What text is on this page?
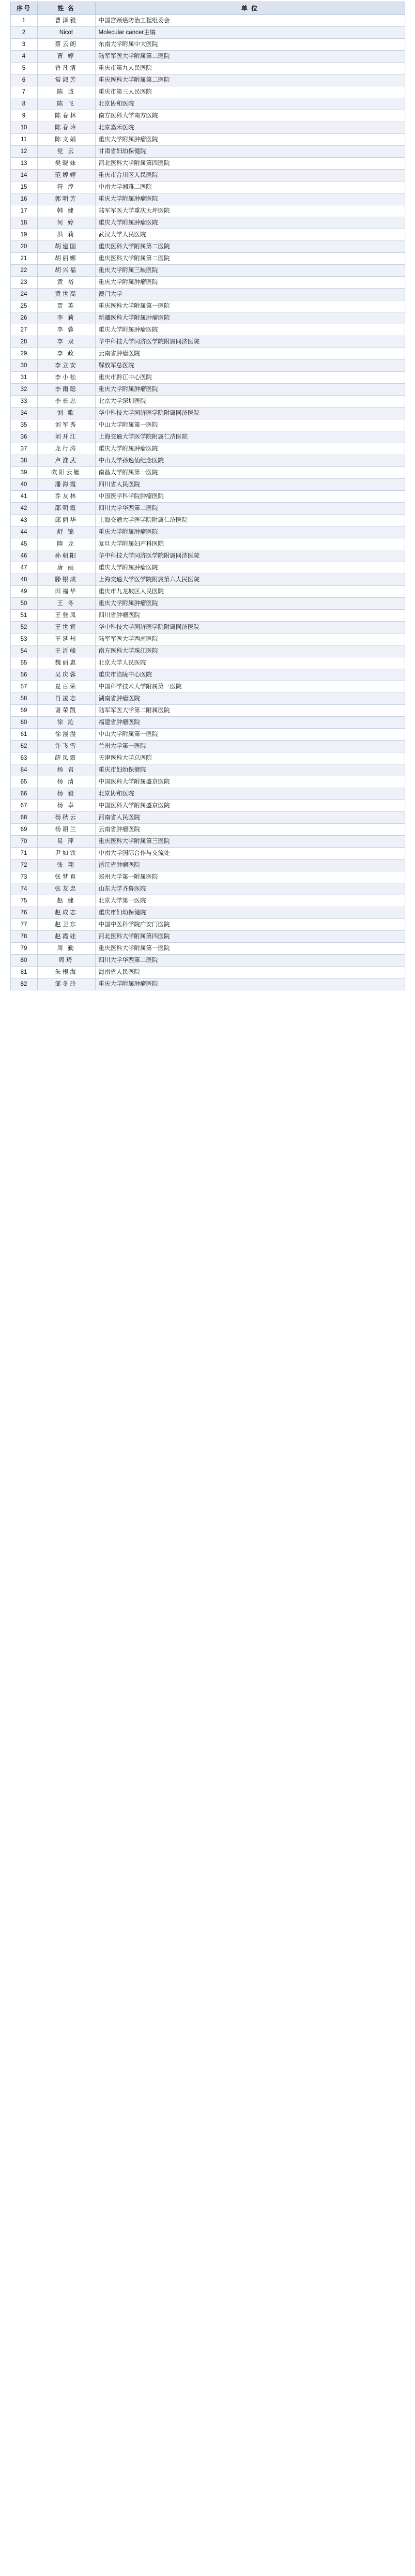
序号	姓 名	单 位
1	曹泽毅	中国宫颈癌防治工程组委会
2	Nicot	Molecular cancer主编
3	蔡云朗	东南大学附属中大医院
4	曹 婷	陆军军医大学附属第二医院
5	曾凡清	重庆市第九人民医院
6	常淑芳	重庆医科大学附属第二医院
7	陈 诚	重庆市第三人民医院
8	陈 飞	北京协和医院
9	陈春林	南方医科大学南方医院
10	陈春玲	北京嘉禾医院
11	陈文娟	重庆大学附属肿瘤医院
12	党 云	甘肃省妇幼保健院
13	樊晓妹	河北医科大学附属第四医院
14	范婷婷	重庆市合川区人民医院
15	符 淳	中南大学湘雅二医院
16	郭明芳	重庆大学附属肿瘤医院
17	韩 健	陆军军医大学重庆大坪医院
18	何 婷	重庆大学附属肿瘤医院
19	洪 莉	武汉大学人民医院
20	胡建国	重庆医科大学附属第二医院
21	胡丽娜	重庆医科大学附属第二医院
22	胡兴福	重庆大学附属三峡医院
23	黄 裕	重庆大学附属肿瘤医院
24	黄世高	澳门大学
25	贾 英	重庆医科大学附属第一医院
26	李 莉	新疆医科大学附属肿瘤医院
27	李 蓉	重庆大学附属肿瘤医院
28	李 双	华中科技大学同济医学院附属同济医院
29	李 政	云南省肿瘤医院
30	李立安	解放军总医院
31	李小松	重庆市黔江中心医院
32	李雨聪	重庆大学附属肿瘤医院
33	李长忠	北京大学深圳医院
34	刘 歌	华中科技大学同济医学院附属同济医院
35	刘军秀	中山大学附属第一医院
36	刘开江	上海交通大学医学院附属仁济医院
37	龙行涛	重庆大学附属肿瘤医院
38	卢淮武	中山大学孙逸仙纪念医院
39	欧阳云雁	南昌大学附属第一医院
40	潘海霞	四川省人民医院
41	乔友林	中国医学科学院肿瘤医院
42	邵明霞	四川大学华西第二医院
43	邱丽华	上海交通大学医学院附属仁济医院
44	舒 锦	重庆大学附属肿瘤医院
45	隋 龙	复旦大学附属妇产科医院
46	孙朝阳	华中科技大学同济医学院附属同济医院
47	唐 丽	重庆大学附属肿瘤医院
48	滕银成	上海交通大学医学院附属第六人民医院
49	田福华	重庆市九龙坡区人民医院
50	王 冬	重庆大学附属肿瘤医院
51	王登凤	四川省肿瘤医院
52	王世宣	华中科技大学同济医学院附属同济医院
53	王延州	陆军军医大学西南医院
54	王沂峰	南方医科大学珠江医院
55	魏丽惠	北京大学人民医院
56	吴庆蓉	重庆市涪陵中心医院
57	夏百荣	中国科学技术大学附属第一医院
58	肖凌志	湖南省肿瘤医院
59	谢荣凯	陆军军医大学第二附属医院
60	徐 沁	福建省肿瘤医院
61	徐漫漫	中山大学附属第一医院
62	许飞雪	兰州大学第一医院
63	薛凤霞	天津医科大学总医院
64	杨 君	重庆市妇幼保健院
65	杨 清	中国医科大学附属盛京医院
66	杨 毅	北京协和医院
67	杨 卓	中国医科大学附属盛京医院
68	杨秋云	河南省人民医院
69	杨谢兰	云南省肿瘤医院
70	易 萍	重庆医科大学附属第三医院
71	尹如铁	中南大学国际合作与交流处
72	张 翔	浙江省肿瘤医院
73	张梦真	郑州大学第一附属医院
74	张友忠	山东大学齐鲁医院
75	赵 健	北京大学第一医院
76	赵成志	重庆市妇幼保健院
77	赵卫东	中国中医科学院广安门医院
78	赵霞娃	河北医科大学附属第四医院
79	周 勤	重庆医科大学附属第一医院
80	周琦	四川大学华西第二医院
81	朱根海	海南省人民医院
82	邹冬玲	重庆大学附属肿瘤医院
